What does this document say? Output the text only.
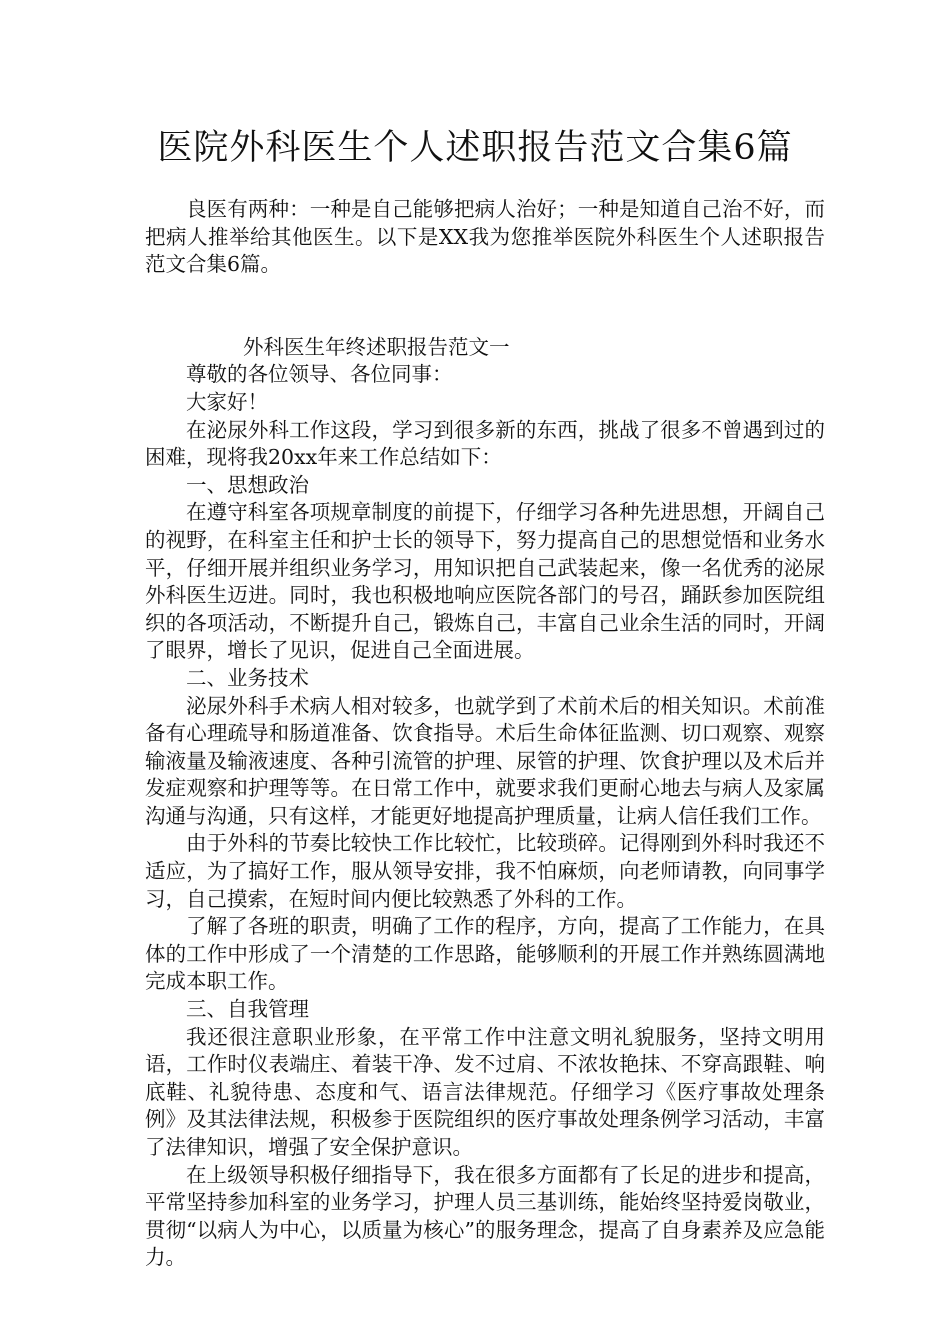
医院外科医生个人述职报告范文合集6篇

良医有两种：一种是自己能够把病人治好；一种是知道自己治不好，而把病人推举给其他医生。以下是XX我为您推举医院外科医生个人述职报告范文合集6篇。

外科医生年终述职报告范文一

尊敬的各位领导、各位同事：

大家好！

在泌尿外科工作这段，学习到很多新的东西，挑战了很多不曾遇到过的困难，现将我20xx年来工作总结如下：

一、思想政治

在遵守科室各项规章制度的前提下，仔细学习各种先进思想，开阔自己的视野，在科室主任和护士长的领导下，努力提高自己的思想觉悟和业务水平，仔细开展并组织业务学习，用知识把自己武装起来，像一名优秀的泌尿外科医生迈进。同时，我也积极地响应医院各部门的号召，踊跃参加医院组织的各项活动，不断提升自己，锻炼自己，丰富自己业余生活的同时，开阔了眼界，增长了见识，促进自己全面进展。

二、业务技术

泌尿外科手术病人相对较多，也就学到了术前术后的相关知识。术前准备有心理疏导和肠道准备、饮食指导。术后生命体征监测、切口观察、观察输液量及输液速度、各种引流管的护理、尿管的护理、饮食护理以及术后并发症观察和护理等等。在日常工作中，就要求我们更耐心地去与病人及家属沟通与沟通，只有这样，才能更好地提高护理质量，让病人信任我们工作。

由于外科的节奏比较快工作比较忙，比较琐碎。记得刚到外科时我还不适应，为了搞好工作，服从领导安排，我不怕麻烦，向老师请教，向同事学习，自己摸索，在短时间内便比较熟悉了外科的工作。

了解了各班的职责，明确了工作的程序，方向，提高了工作能力，在具体的工作中形成了一个清楚的工作思路，能够顺利的开展工作并熟练圆满地完成本职工作。

三、自我管理

我还很注意职业形象，在平常工作中注意文明礼貌服务，坚持文明用语，工作时仪表端庄、着装干净、发不过肩、不浓妆艳抹、不穿高跟鞋、响底鞋、礼貌待患、态度和气、语言法律规范。仔细学习《医疗事故处理条例》及其法律法规，积极参于医院组织的医疗事故处理条例学习活动，丰富了法律知识，增强了安全保护意识。

在上级领导积极仔细指导下，我在很多方面都有了长足的进步和提高，平常坚持参加科室的业务学习，护理人员三基训练，能始终坚持爱岗敬业，贯彻“以病人为中心，以质量为核心”的服务理念，提高了自身素养及应急能力。
